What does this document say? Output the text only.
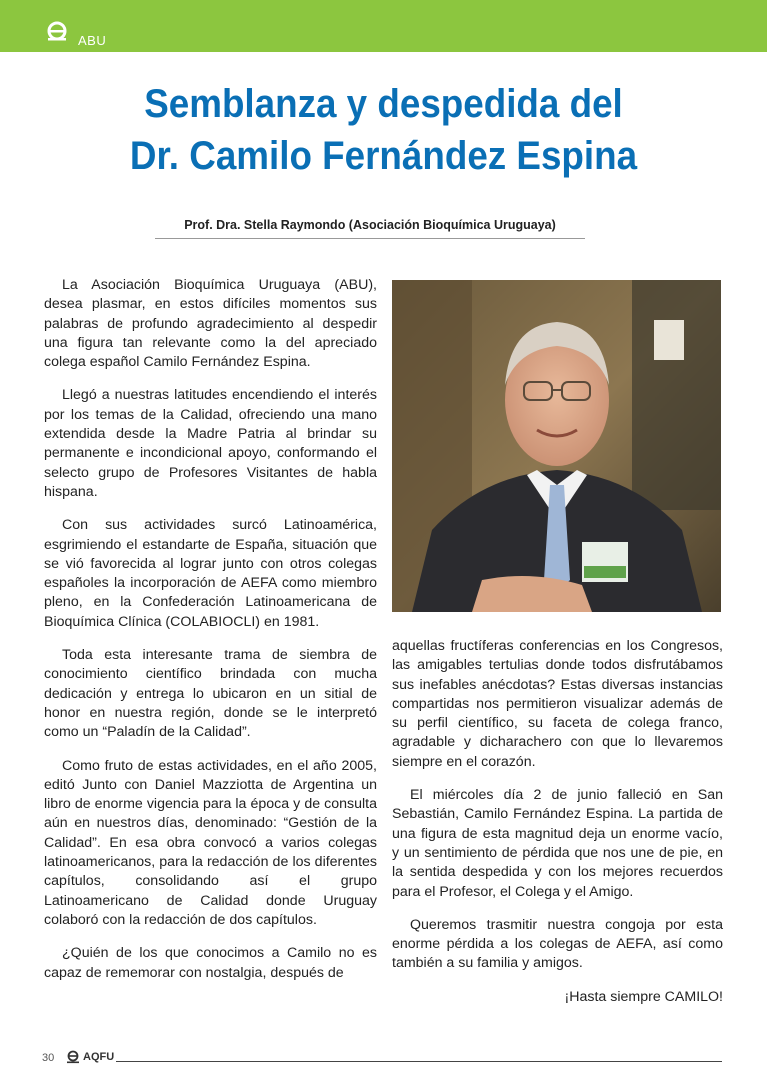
ABU
Semblanza y despedida del
Dr. Camilo Fernández Espina
Prof. Dra. Stella Raymondo (Asociación Bioquímica Uruguaya)

La Asociación Bioquímica Uruguaya (ABU), desea plasmar, en estos difíciles momentos sus palabras de profundo agradecimiento al despedir una figura tan relevante como la del apreciado colega español Camilo Fernández Espina.

Llegó a nuestras latitudes encendiendo el interés por los temas de la Calidad, ofreciendo una mano extendida desde la Madre Patria al brindar su permanente e incondicional apoyo, conformando el selecto grupo de Profesores Visitantes de habla hispana.

Con sus actividades surcó Latinoamérica, esgrimiendo el estandarte de España, situación que se vió favorecida al lograr junto con otros colegas españoles la incorporación de AEFA como miembro pleno, en la Confederación Latinoamericana de Bioquímica Clínica (COLABIOCLI) en 1981.

Toda esta interesante trama de siembra de conocimiento científico brindada con mucha dedicación y entrega lo ubicaron en un sitial de honor en nuestra región, donde se le interpretó como un “Paladín de la Calidad”.

Como fruto de estas actividades, en el año 2005, editó Junto con Daniel Mazziotta de Argentina un libro de enorme vigencia para la época y de consulta aún en nuestros días, denominado: “Gestión de la Calidad”. En esa obra convocó a varios colegas latinoamericanos, para la redacción de los diferentes capítulos, consolidando así el grupo Latinoamericano de Calidad donde Uruguay colaboró con la redacción de dos capítulos.

¿Quién de los que conocimos a Camilo no es capaz de rememorar con nostalgia, después de

aquellas fructíferas conferencias en los Congresos, las amigables tertulias donde todos disfrutábamos sus inefables anécdotas? Estas diversas instancias compartidas nos permitieron visualizar además de su perfil científico, su faceta de colega franco, agradable y dicharachero con que lo llevaremos siempre en el corazón.

El miércoles día 2 de junio falleció en San Sebastián, Camilo Fernández Espina. La partida de una figura de esta magnitud deja un enorme vacío, y un sentimiento de pérdida que nos une de pie, en la sentida despedida y con los mejores recuerdos para el Profesor, el Colega y el Amigo.

Queremos trasmitir nuestra congoja por esta enorme pérdida a los colegas de AEFA, así como también a su familia y amigos.

¡Hasta siempre CAMILO!

30	AQFU
